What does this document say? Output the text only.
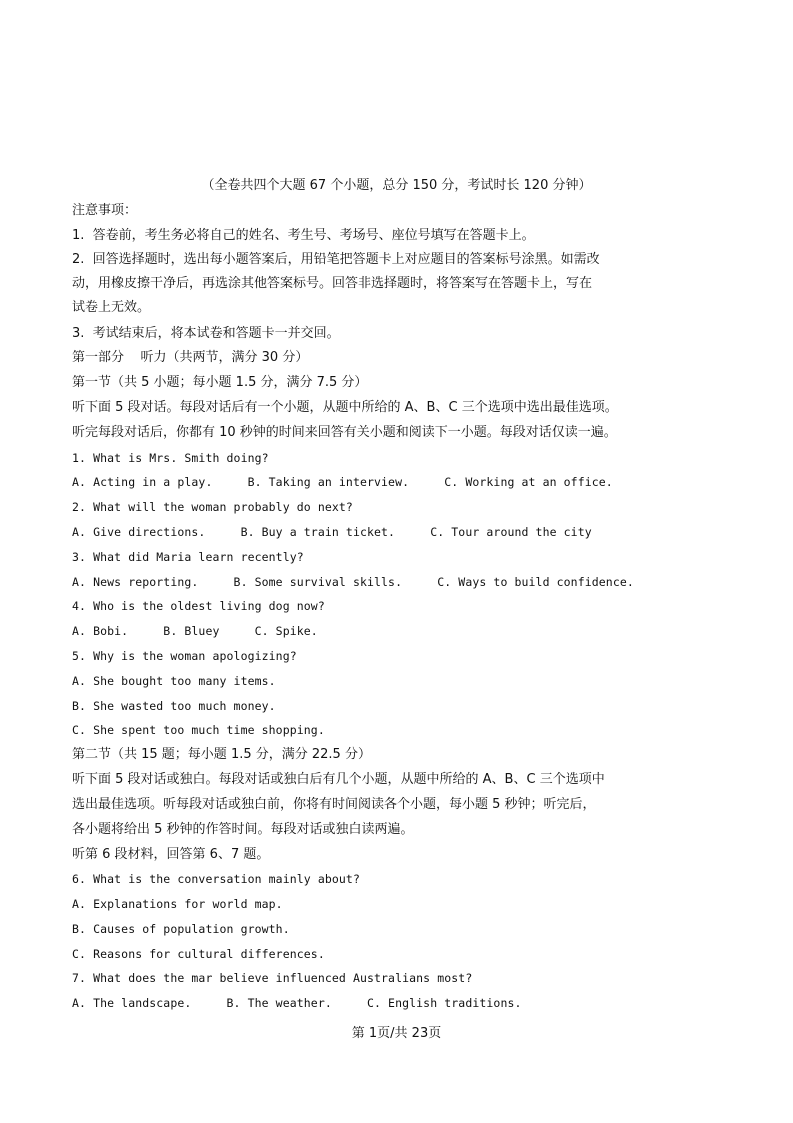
（全卷共四个大题 67 个小题，总分 150 分，考试时长 120 分钟）
注意事项：
1.  答卷前，考生务必将自己的姓名、考生号、考场号、座位号填写在答题卡上。
2.  回答选择题时，选出每小题答案后，用铅笔把答题卡上对应题目的答案标号涂黑。如需改
动，用橡皮擦干净后，再选涂其他答案标号。回答非选择题时，将答案写在答题卡上，写在
试卷上无效。
3.  考试结束后，将本试卷和答题卡一并交回。
第一部分    听力（共两节，满分 30 分）
第一节（共 5 小题；每小题 1.5 分，满分 7.5 分）
听下面 5 段对话。每段对话后有一个小题，从题中所给的 A、B、C 三个选项中选出最佳选项。
听完每段对话后，你都有 10 秒钟的时间来回答有关小题和阅读下一小题。每段对话仅读一遍。
1. What is Mrs. Smith doing?
A. Acting in a play.     B. Taking an interview.     C. Working at an office.
2. What will the woman probably do next?
A. Give directions.     B. Buy a train ticket.     C. Tour around the city
3. What did Maria learn recently?
A. News reporting.     B. Some survival skills.     C. Ways to build confidence.
4. Who is the oldest living dog now?
A. Bobi.     B. Bluey     C. Spike.
5. Why is the woman apologizing?
A. She bought too many items.
B. She wasted too much money.
C. She spent too much time shopping.
第二节（共 15 题；每小题 1.5 分，满分 22.5 分）
听下面 5 段对话或独白。每段对话或独白后有几个小题，从题中所给的 A、B、C 三个选项中
选出最佳选项。听每段对话或独白前，你将有时间阅读各个小题，每小题 5 秒钟；听完后，
各小题将给出 5 秒钟的作答时间。每段对话或独白读两遍。
听第 6 段材料，回答第 6、7 题。
6. What is the conversation mainly about?
A. Explanations for world map.
B. Causes of population growth.
C. Reasons for cultural differences.
7. What does the mar believe influenced Australians most?
A. The landscape.     B. The weather.     C. English traditions.
第 1页/共 23页
